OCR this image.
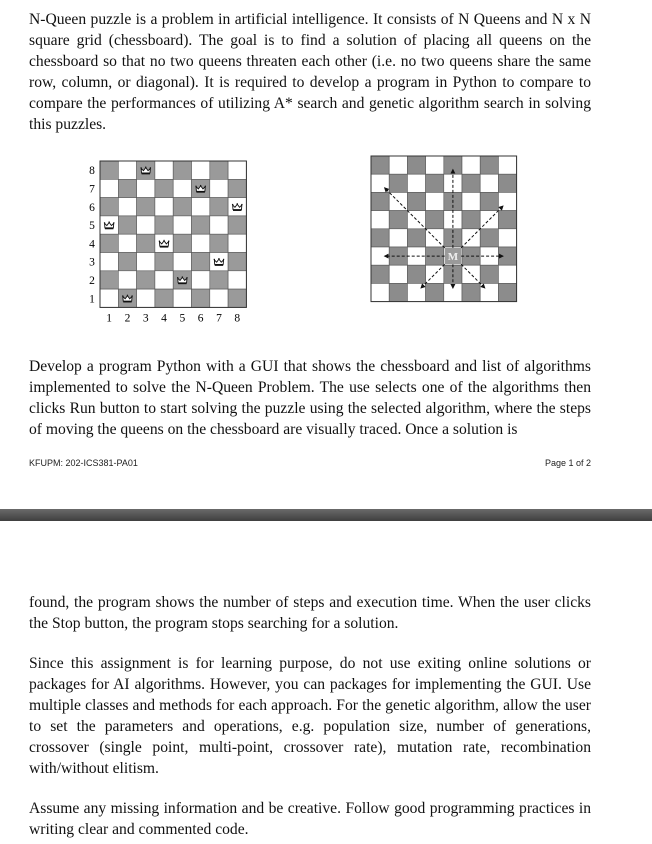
N-Queen puzzle is a problem in artificial intelligence. It consists of N Queens and N x N square grid (chessboard). The goal is to find a solution of placing all queens on the chessboard so that no two queens threaten each other (i.e. no two queens share the same row, column, or diagonal). It is required to develop a program in Python to compare to compare the performances of utilizing A* search and genetic algorithm search in solving this puzzles.

8
7
6
5
4
3
2
1
1 2 3 4 5 6 7 8
M

Develop a program Python with a GUI that shows the chessboard and list of algorithms implemented to solve the N-Queen Problem. The use selects one of the algorithms then clicks Run button to start solving the puzzle using the selected algorithm, where the steps of moving the queens on the chessboard are visually traced. Once a solution is

KFUPM: 202-ICS381-PA01	Page 1 of 2

found, the program shows the number of steps and execution time. When the user clicks the Stop button, the program stops searching for a solution.

Since this assignment is for learning purpose, do not use exiting online solutions or packages for AI algorithms. However, you can packages for implementing the GUI. Use multiple classes and methods for each approach. For the genetic algorithm, allow the user to set the parameters and operations, e.g. population size, number of generations, crossover (single point, multi-point, crossover rate), mutation rate, recombination with/without elitism.

Assume any missing information and be creative. Follow good programming practices in writing clear and commented code.
